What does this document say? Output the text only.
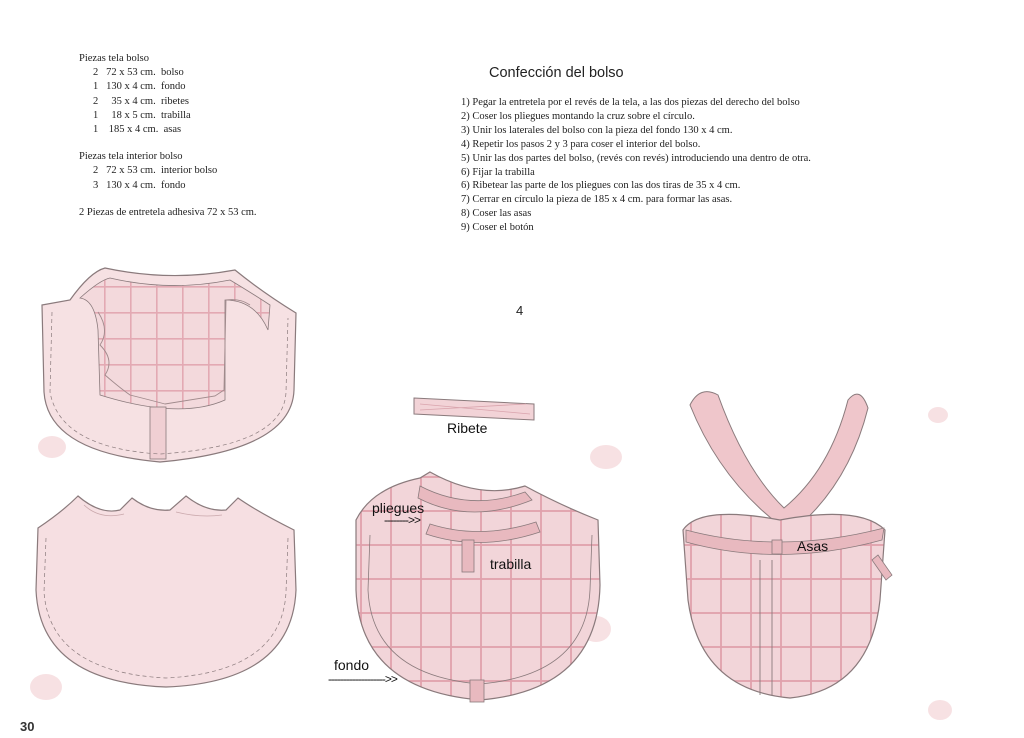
Piezas tela bolso

2   72 x 53 cm.  bolso

1   130 x 4 cm.  fondo

2     35 x 4 cm.  ribetes

1     18 x 5 cm.  trabilla

1    185 x 4 cm.  asas

Piezas tela interior bolso

2   72 x 53 cm.  interior bolso

3   130 x 4 cm.  fondo

2 Piezas de entretela adhesiva 72 x 53 cm.

Confección del bolso

1) Pegar la entretela por el revés de la tela, a las dos piezas del derecho del bolso

2) Coser los pliegues montando la cruz sobre el círculo.

3) Unir los laterales del bolso con la pieza del fondo 130 x 4 cm.

4) Repetir los pasos 2 y 3 para coser el interior del bolso.

5) Unir las dos partes del bolso, (revés con revés) introduciendo una dentro de otra.

6) Fijar la trabilla

6) Ribetear las parte de los pliegues con las dos tiras de 35 x 4 cm.

7) Cerrar en círculo la pieza de 185 x 4 cm. para formar las asas.

8) Coser las asas

9) Coser el botón

4
Ribete
pliegues
-------->>
trabilla
fondo
------------------->>
Asas
30
